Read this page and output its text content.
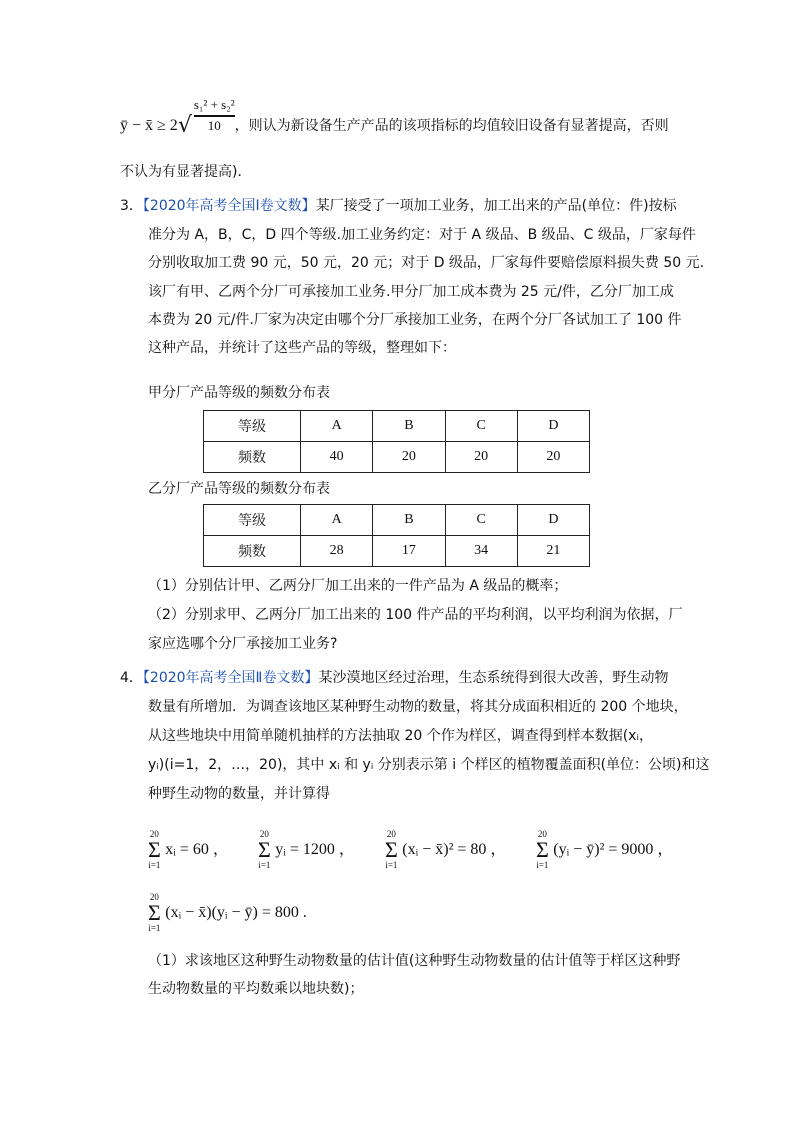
ȳ − x̄ ≥ $2√ \frac{\text{s₁² + s₂²}}{10}$ ，则认为新设备生产产品的该项指标的均值较旧设备有显著提高，否则
不认为有显著提高)．
3．【2020年高考全国Ⅰ卷文数】某厂接受了一项加工业务，加工出来的产品(单位：件)按标
准分为 A，B，C，D 四个等级.加工业务约定：对于 A 级品、B 级品、C 级品，厂家每件
分别收取加工费 90 元，50 元，20 元；对于 D 级品，厂家每件要赔偿原料损失费 50 元.
该厂有甲、乙两个分厂可承接加工业务.甲分厂加工成本费为 25 元/件，乙分厂加工成
本费为 20 元/件.厂家为决定由哪个分厂承接加工业务，在两个分厂各试加工了 100 件
这种产品，并统计了这些产品的等级，整理如下：
甲分厂产品等级的频数分布表
等级	A	B	C	D
频数	40	20	20	20
乙分厂产品等级的频数分布表
等级	A	B	C	D
频数	28	17	34	21
（1）分别估计甲、乙两分厂加工出来的一件产品为 A 级品的概率；
（2）分别求甲、乙两分厂加工出来的 100 件产品的平均利润，以平均利润为依据，厂
家应选哪个分厂承接加工业务?
4．【2020年高考全国Ⅱ卷文数】某沙漠地区经过治理，生态系统得到很大改善，野生动物
数量有所增加．为调查该地区某种野生动物的数量，将其分成面积相近的 200 个地块，
从这些地块中用简单随机抽样的方法抽取 20 个作为样区，调查得到样本数据(xᵢ，
yᵢ)(i=1，2，…，20)，其中 xᵢ 和 yᵢ 分别表示第 i 个样区的植物覆盖面积(单位：公顷)和这
种野生动物的数量，并计算得
20
Σ
i=1
xᵢ = 60 ，
20
Σ
i=1
yᵢ = 1200 ，
20
Σ
i=1
(xᵢ − x̄)² = 80 ，
20
Σ
i=1
(yᵢ − ȳ)² = 9000 ，
20
Σ
i=1
(xᵢ − x̄)(yᵢ − ȳ) = 800 .
（1）求该地区这种野生动物数量的估计值(这种野生动物数量的估计值等于样区这种野
生动物数量的平均数乘以地块数)；
